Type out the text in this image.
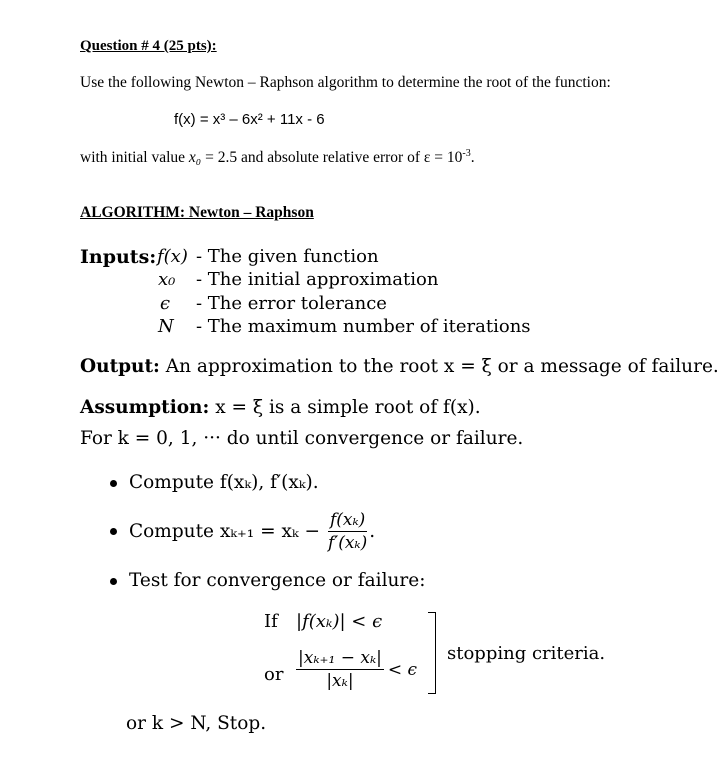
Question # 4 (25 pts):
Use the following Newton – Raphson algorithm to determine the root of the function:
f(x) = x³ – 6x² + 11x - 6
with initial value x₀ = 2.5 and absolute relative error of $\varepsilon = 10^{-3}$.
ALGORITHM: Newton – Raphson
Inputs: f(x) - The given function
x₀ - The initial approximation
ϵ - The error tolerance
N - The maximum number of iterations
Output: An approximation to the root x = ξ or a message of failure.
Assumption: x = ξ is a simple root of f(x).
For k = 0, 1, ··· do until convergence or failure.
Compute f(xₖ), f′(xₖ).
Compute $x_{k+1} = x_k - \frac{\text{f(xₖ)}}{\text{f′(xₖ)}}$ .
Test for convergence or failure:
If |f(xₖ)| < ϵ
or $\frac{\text{|xₖ₊₁ − xₖ|}}{\text{|xₖ|}} < \epsilon$
stopping criteria.
or k > N, Stop.
